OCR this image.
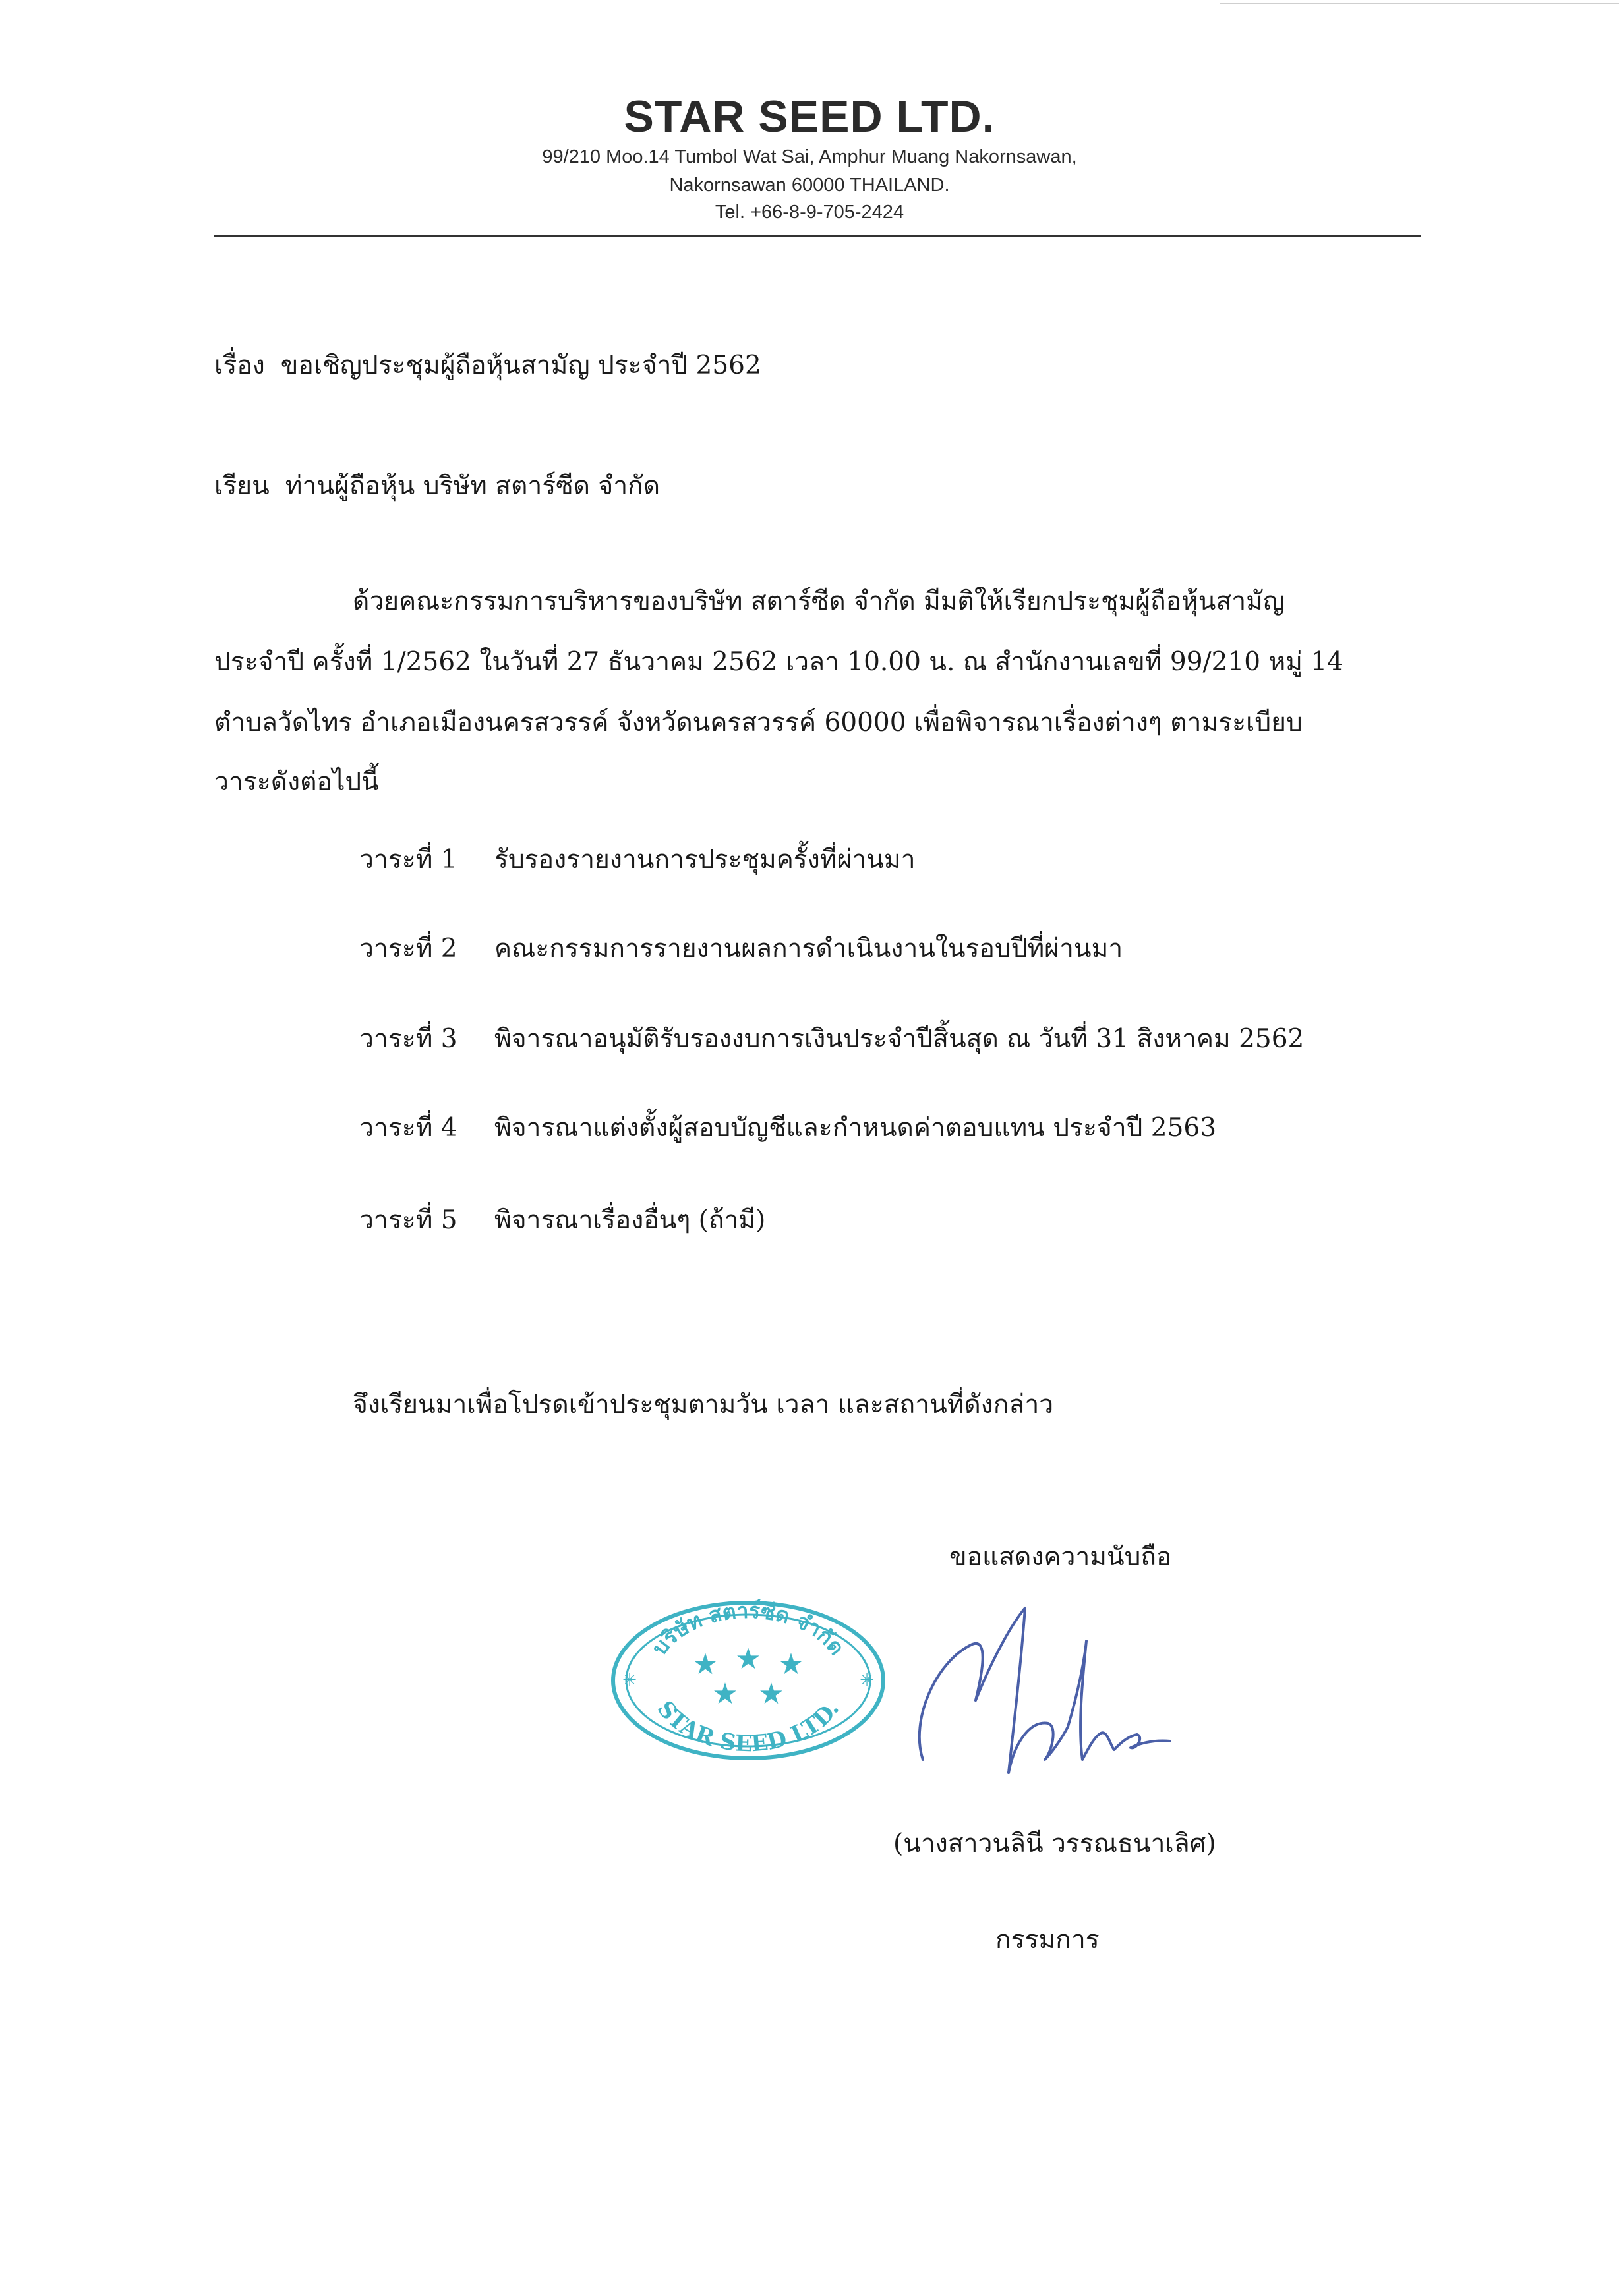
STAR SEED LTD.
99/210 Moo.14 Tumbol Wat Sai, Amphur Muang Nakornsawan,
Nakornsawan 60000 THAILAND.
Tel. +66-8-9-705-2424
เรื่อง ขอเชิญประชุมผู้ถือหุ้นสามัญ ประจำปี 2562
เรียน ท่านผู้ถือหุ้น บริษัท สตาร์ซีด จำกัด
ด้วยคณะกรรมการบริหารของบริษัท สตาร์ซีด จำกัด มีมติให้เรียกประชุมผู้ถือหุ้นสามัญ
ประจำปี ครั้งที่ 1/2562 ในวันที่ 27 ธันวาคม 2562 เวลา 10.00 น. ณ สำนักงานเลขที่ 99/210 หมู่ 14
ตำบลวัดไทร อำเภอเมืองนครสวรรค์ จังหวัดนครสวรรค์ 60000 เพื่อพิจารณาเรื่องต่างๆ ตามระเบียบ
วาระดังต่อไปนี้
วาระที่ 1 รับรองรายงานการประชุมครั้งที่ผ่านมา
วาระที่ 2 คณะกรรมการรายงานผลการดำเนินงานในรอบปีที่ผ่านมา
วาระที่ 3 พิจารณาอนุมัติรับรองงบการเงินประจำปีสิ้นสุด ณ วันที่ 31 สิงหาคม 2562
วาระที่ 4 พิจารณาแต่งตั้งผู้สอบบัญชีและกำหนดค่าตอบแทน ประจำปี 2563
วาระที่ 5 พิจารณาเรื่องอื่นๆ (ถ้ามี)
จึงเรียนมาเพื่อโปรดเข้าประชุมตามวัน เวลา และสถานที่ดังกล่าว
ขอแสดงความนับถือ
บริษัท สตาร์ซีด จำกัด
STAR SEED LTD.
★ ★ ★
★ ★
✳	✳
(นางสาวนลินี วรรณธนาเลิศ)
กรรมการ
